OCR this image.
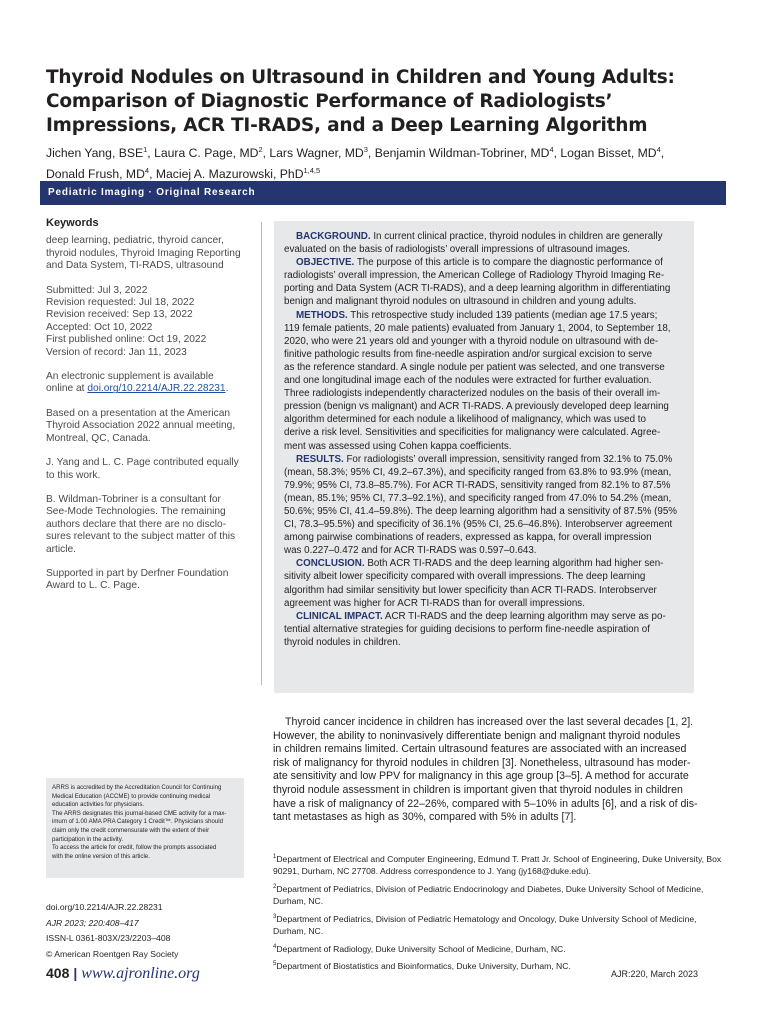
Thyroid Nodules on Ultrasound in Children and Young Adults:
Comparison of Diagnostic Performance of Radiologists’
Impressions, ACR TI-RADS, and a Deep Learning Algorithm
Jichen Yang, BSE$^1$, Laura C. Page, $MD^2$, Lars Wagner, $MD^3$, Benjamin Wildman-Tobriner, $MD^4$, Logan Bisset, $MD^4$,
Donald Frush, $MD^4$, Maciej A. Mazurowski, PhD$^{1,4,5}$
Pediatric Imaging · Original Research
Keywords

deep learning, pediatric, thyroid cancer,
thyroid nodules, Thyroid Imaging Reporting
and Data System, TI-RADS, ultrasound

Submitted: Jul 3, 2022
Revision requested: Jul 18, 2022
Revision received: Sep 13, 2022
Accepted: Oct 10, 2022
First published online: Oct 19, 2022
Version of record: Jan 11, 2023

An electronic supplement is available
online at doi.org/10.2214/AJR.22.28231.

Based on a presentation at the American
Thyroid Association 2022 annual meeting,
Montreal, QC, Canada.

J. Yang and L. C. Page contributed equally
to this work.

B. Wildman-Tobriner is a consultant for
See-Mode Technologies. The remaining
authors declare that there are no disclo-
sures relevant to the subject matter of this
article.

Supported in part by Derfner Foundation
Award to L. C. Page.

BACKGROUND. In current clinical practice, thyroid nodules in children are generally
evaluated on the basis of radiologists’ overall impressions of ultrasound images.
OBJECTIVE. The purpose of this article is to compare the diagnostic performance of
radiologists’ overall impression, the American College of Radiology Thyroid Imaging Re-
porting and Data System (ACR TI-RADS), and a deep learning algorithm in differentiating
benign and malignant thyroid nodules on ultrasound in children and young adults.
METHODS. This retrospective study included 139 patients (median age 17.5 years;
119 female patients, 20 male patients) evaluated from January 1, 2004, to September 18,
2020, who were 21 years old and younger with a thyroid nodule on ultrasound with de-
finitive pathologic results from fine-needle aspiration and/or surgical excision to serve
as the reference standard. A single nodule per patient was selected, and one transverse
and one longitudinal image each of the nodules were extracted for further evaluation.
Three radiologists independently characterized nodules on the basis of their overall im-
pression (benign vs malignant) and ACR TI-RADS. A previously developed deep learning
algorithm determined for each nodule a likelihood of malignancy, which was used to
derive a risk level. Sensitivities and specificities for malignancy were calculated. Agree-
ment was assessed using Cohen kappa coefficients.
RESULTS. For radiologists’ overall impression, sensitivity ranged from 32.1% to 75.0%
(mean, 58.3%; 95% CI, 49.2–67.3%), and specificity ranged from 63.8% to 93.9% (mean,
79.9%; 95% CI, 73.8–85.7%). For ACR TI-RADS, sensitivity ranged from 82.1% to 87.5%
(mean, 85.1%; 95% CI, 77.3–92.1%), and specificity ranged from 47.0% to 54.2% (mean,
50.6%; 95% CI, 41.4–59.8%). The deep learning algorithm had a sensitivity of 87.5% (95%
CI, 78.3–95.5%) and specificity of 36.1% (95% CI, 25.6–46.8%). Interobserver agreement
among pairwise combinations of readers, expressed as kappa, for overall impression
was 0.227–0.472 and for ACR TI-RADS was 0.597–0.643.
CONCLUSION. Both ACR TI-RADS and the deep learning algorithm had higher sen-
sitivity albeit lower specificity compared with overall impressions. The deep learning
algorithm had similar sensitivity but lower specificity than ACR TI-RADS. Interobserver
agreement was higher for ACR TI-RADS than for overall impressions.
CLINICAL IMPACT. ACR TI-RADS and the deep learning algorithm may serve as po-
tential alternative strategies for guiding decisions to perform fine-needle aspiration of
thyroid nodules in children.
Thyroid cancer incidence in children has increased over the last several decades [1, 2].
However, the ability to noninvasively differentiate benign and malignant thyroid nodules
in children remains limited. Certain ultrasound features are associated with an increased
risk of malignancy for thyroid nodules in children [3]. Nonetheless, ultrasound has moder-
ate sensitivity and low PPV for malignancy in this age group [3–5]. A method for accurate
thyroid nodule assessment in children is important given that thyroid nodules in children
have a risk of malignancy of 22–26%, compared with 5–10% in adults [6], and a risk of dis-
tant metastases as high as 30%, compared with 5% in adults [7].
ARRS is accredited by the Accreditation Council for Continuing
Medical Education (ACCME) to provide continuing medical
education activities for physicians.
The ARRS designates this journal-based CME activity for a max-
imum of 1.00 AMA PRA Category 1 Credit™. Physicians should
claim only the credit commensurate with the extent of their
participation in the activity.
To access the article for credit, follow the prompts associated
with the online version of this article.
doi.org/10.2214/AJR.22.28231
AJR 2023; 220:408–417
ISSN-L 0361-803X/23/2203–408
© American Roentgen Ray Society
$^1$Department of Electrical and Computer Engineering, Edmund T. Pratt Jr. School of Engineering, Duke University, Box
90291, Durham, NC 27708. Address correspondence to J. Yang (jy168@duke.edu).
$^2$Department of Pediatrics, Division of Pediatric Endocrinology and Diabetes, Duke University School of Medicine,
Durham, NC.
$^3$Department of Pediatrics, Division of Pediatric Hematology and Oncology, Duke University School of Medicine,
Durham, NC.
$^4$Department of Radiology, Duke University School of Medicine, Durham, NC.
$^5$Department of Biostatistics and Bioinformatics, Duke University, Durham, NC.
408 | www.ajronline.org	AJR:220, March 2023
